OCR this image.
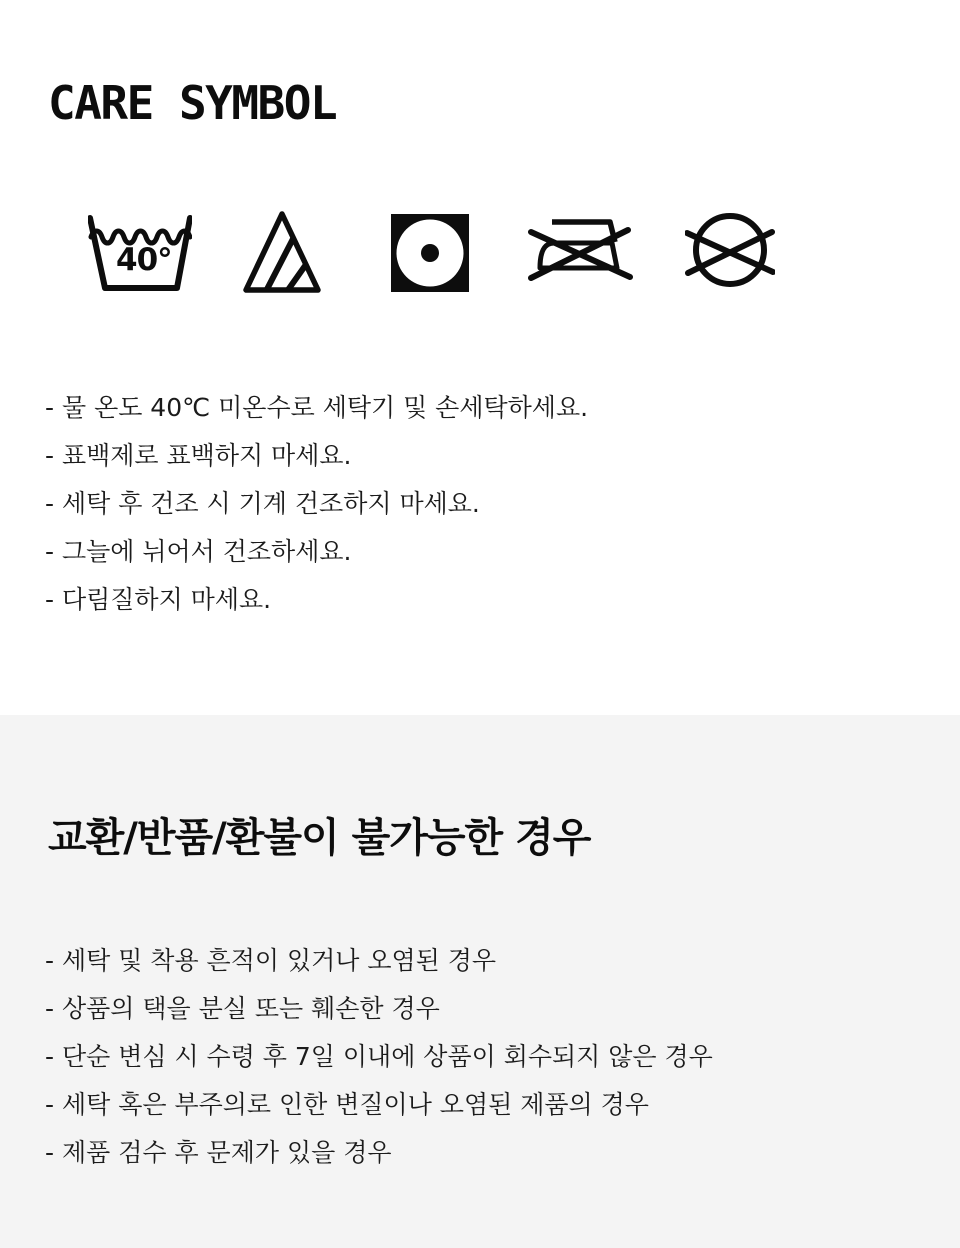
CARE SYMBOL
40°
- 물 온도 40℃ 미온수로 세탁기 및 손세탁하세요.
- 표백제로 표백하지 마세요.
- 세탁 후 건조 시 기계 건조하지 마세요.
- 그늘에 뉘어서 건조하세요.
- 다림질하지 마세요.
교환/반품/환불이 불가능한 경우
- 세탁 및 착용 흔적이 있거나 오염된 경우
- 상품의 택을 분실 또는 훼손한 경우
- 단순 변심 시 수령 후 7일 이내에 상품이 회수되지 않은 경우
- 세탁 혹은 부주의로 인한 변질이나 오염된 제품의 경우
- 제품 검수 후 문제가 있을 경우
